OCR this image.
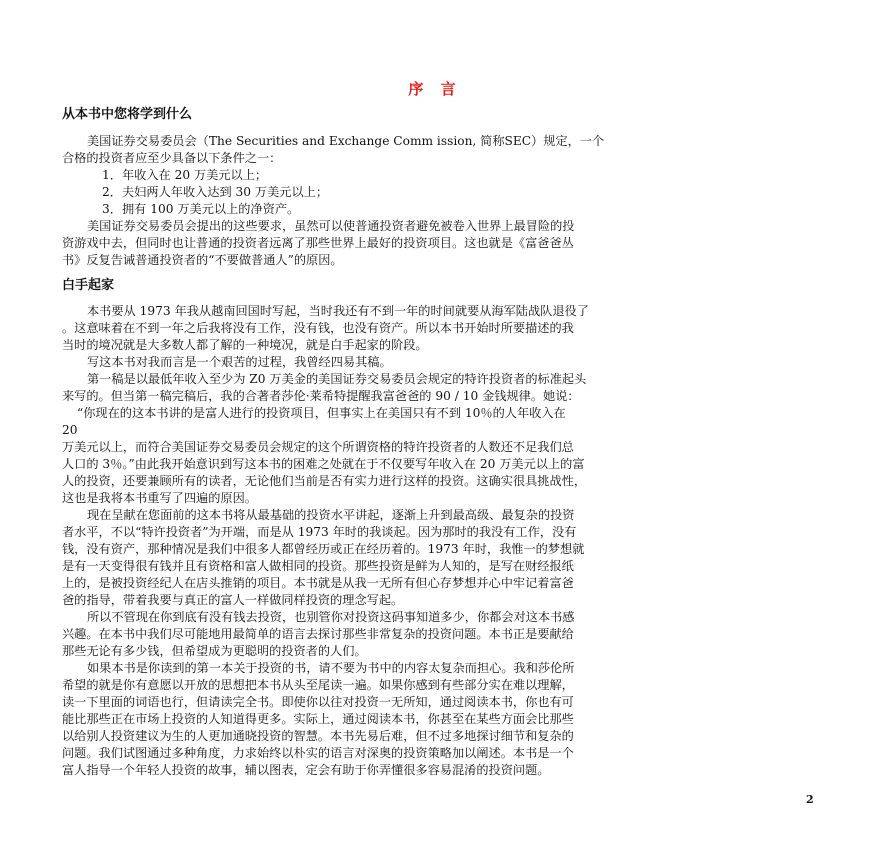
序 言
从本书中您将学到什么
美国证券交易委员会（The Securities and Exchange Comm ission, 简称SEC）规定，一个
合格的投资者应至少具备以下条件之一：
1．年收入在 20 万美元以上；
2．夫妇两人年收入达到 30 万美元以上；
3．拥有 100 万美元以上的净资产。
美国证券交易委员会提出的这些要求，虽然可以使普通投资者避免被卷入世界上最冒险的投
资游戏中去，但同时也让普通的投资者远离了那些世界上最好的投资项目。这也就是《富爸爸丛
书》反复告诫普通投资者的“不要做普通人”的原因。
白手起家
本书要从 1973 年我从越南回国时写起，当时我还有不到一年的时间就要从海军陆战队退役了
。这意味着在不到一年之后我将没有工作，没有钱，也没有资产。所以本书开始时所要描述的我
当时的境况就是大多数人都了解的一种境况，就是白手起家的阶段。
写这本书对我而言是一个艰苦的过程，我曾经四易其稿。
第一稿是以最低年收入至少为 Z0 万美金的美国证券交易委员会规定的特许投资者的标准起头
来写的。但当第一稿完稿后，我的合著者莎伦·莱希特提醒我富爸爸的 90 / 10 金钱规律。她说：
“你现在的这本书讲的是富人进行的投资项目，但事实上在美国只有不到 10％的人年收入在
20
万美元以上，而符合美国证券交易委员会规定的这个所谓资格的特许投资者的人数还不足我们总
人口的 3％。”由此我开始意识到写这本书的困难之处就在于不仅要写年收入在 20 万美元以上的富
人的投资，还要兼顾所有的读者，无论他们当前是否有实力进行这样的投资。这确实很具挑战性，
这也是我将本书重写了四遍的原因。
现在呈献在您面前的这本书将从最基础的投资水平讲起，逐渐上升到最高级、最复杂的投资
者水平，不以“特许投资者”为开端，而是从 1973 年时的我谈起。因为那时的我没有工作，没有
钱，没有资产，那种情况是我们中很多人都曾经历或正在经历着的。1973 年时，我惟一的梦想就
是有一天变得很有钱并且有资格和富人做相同的投资。那些投资是鲜为人知的，是写在财经报纸
上的，是被投资经纪人在店头推销的项目。本书就是从我一无所有但心存梦想并心中牢记着富爸
爸的指导，带着我要与真正的富人一样做同样投资的理念写起。
所以不管现在你到底有没有钱去投资，也别管你对投资这码事知道多少，你都会对这本书感
兴趣。在本书中我们尽可能地用最简单的语言去探讨那些非常复杂的投资问题。本书正是要献给
那些无论有多少钱，但希望成为更聪明的投资者的人们。
如果本书是你读到的第一本关于投资的书，请不要为书中的内容太复杂而担心。我和莎伦所
希望的就是你有意愿以开放的思想把本书从头至尾读一遍。如果你感到有些部分实在难以理解，
读一下里面的词语也行，但请读完全书。即使你以往对投资一无所知，通过阅读本书，你也有可
能比那些正在市场上投资的人知道得更多。实际上，通过阅读本书，你甚至在某些方面会比那些
以给别人投资建议为生的人更加通晓投资的智慧。本书先易后难，但不过多地探讨细节和复杂的
问题。我们试图通过多种角度，力求始终以朴实的语言对深奥的投资策略加以阐述。本书是一个
富人指导一个年轻人投资的故事，辅以图表，定会有助于你弄懂很多容易混淆的投资问题。
2
